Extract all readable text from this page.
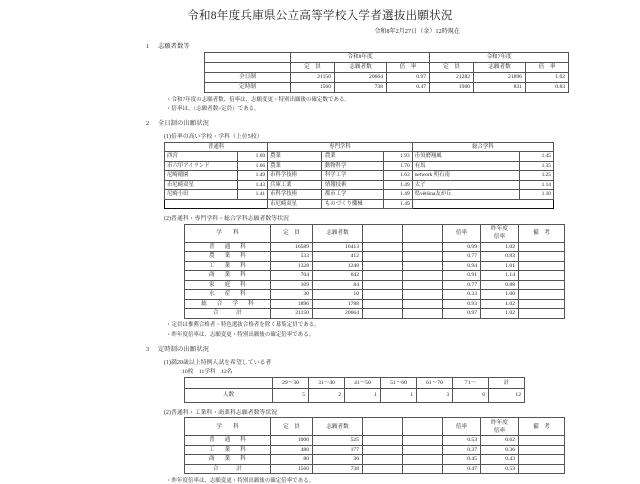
令和8年度兵庫県公立高等学校入学者選抜出願状況
令和8年2月27日（金）12時現在
1 志願者数等
	令和8年度			令和7年度		
	定　員	志願者数	倍　率	定　員	志願者数	倍　率
全日制	21150	20664	0.97	21282	21896	1.02
定時制	1560	738	0.47	1960	831	0.83
・令和7年度の志願者数、倍率は、志願変更・特別出願後の確定数である。
・倍率は、（志願者数÷定員）である。
2 全日制の出願状況
(1)倍率の高い学校・学科（上位5校）
普通科		専門学科			総合学科	
西宮	1.69	農業	農業	1.93	市須磨翔風	1.45
市六甲アイランド	1.66	農業	動物科学	1.70	有馬	1.35
尼崎稲園	1.49	市科学技術	科学工学	1.63	network 明石南	1.25
市尼崎双星	1.43	兵庫工業	情報技術	1.49	太子	1.14
尼崎小田	1.41	市科学技術	都市工学	1.49	県většina友が丘	1.10
		市尼崎双星	ものづくり機械	1.49		
(2)普通科・専門学科・総合学科志願者数等状況
学　　科	定　員	志願者数			倍率	昨年度
倍率	備　考
普　通　科	16589	16413			0.99	1.02	
農　業　科	533	412			0.77	0.83	
工　業　科	1328	1248			0.94	1.01	
商　業　科	704	642			0.91	1.14	
家　庭　科	109	84			0.77	0.88	
水　産　科	30	10			0.33	1.00	
総　合　学　科	1896	1788			0.93	1.02	
合　　計	21150	20664			0.97	1.02	
・定員は推薦合格者・特色選抜合格者を除く募集定員である。
・昨年度倍率は、志願変更・特別出願後の確定倍率である。
3 定時制の出願状況
(1)満20歳以上特例入試を希望している者
10校　11学科　12名
	29～30	31～40	41～50	51～60	61～70	71～	計
人数	5	2	1	1	3	0	12
(2)普通科・工業科・商業科志願者数等状況
学　　科	定　員	志願者数			倍率	昨年度
倍率	備　考
普　通　科	1000	525			0.53	0.62	
工　業　科	480	177			0.37	0.36	
商　業　科	80	36			0.45	0.43	
合　　計	1560	738			0.47	0.53	
・昨年度倍率は、志願変更・特別出願後の確定倍率である。
